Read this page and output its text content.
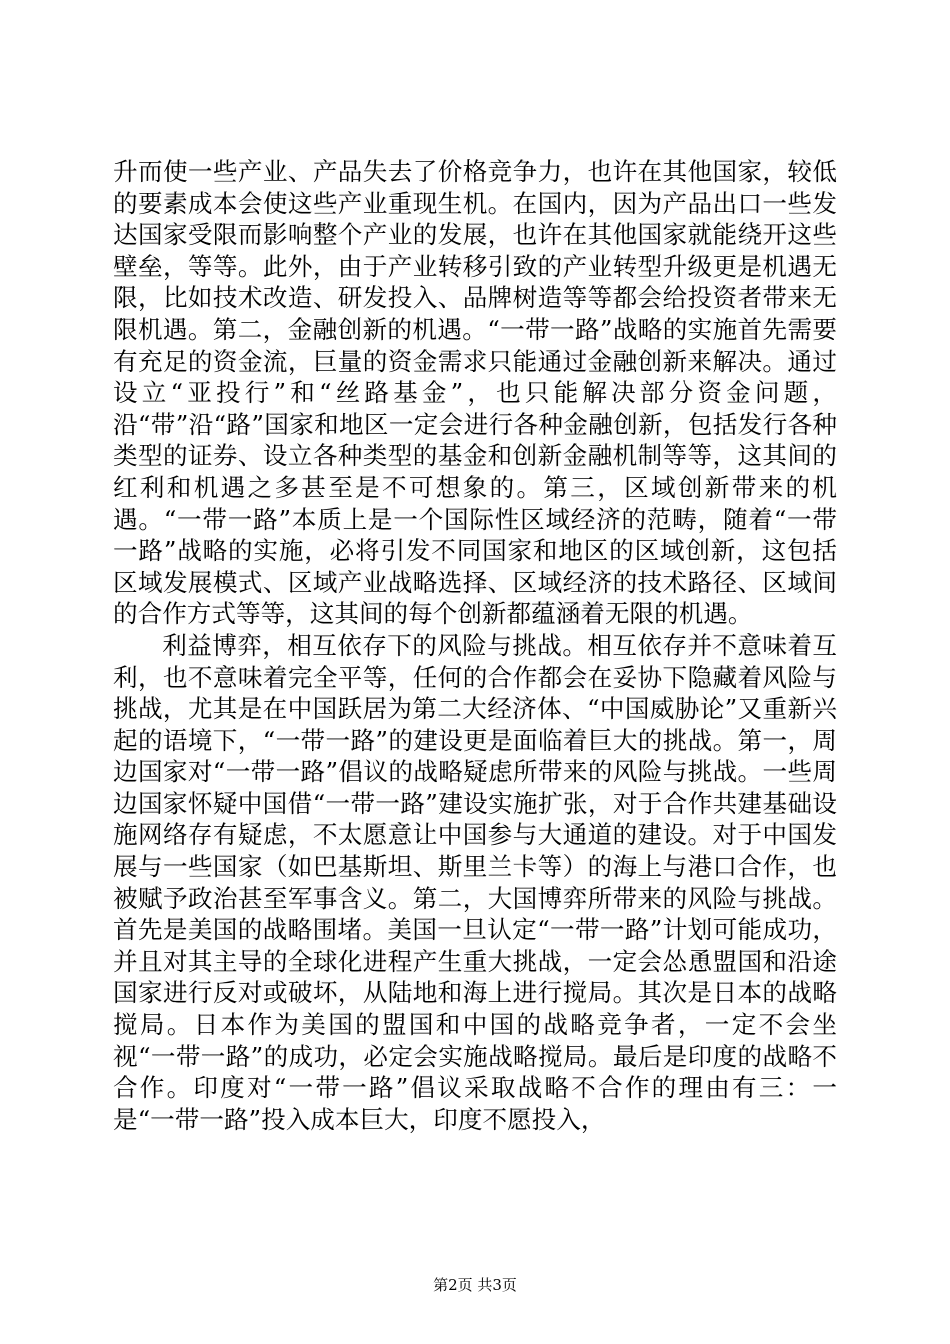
升而使一些产业、产品失去了价格竞争力，也许在其他国家，较低的要素成本会使这些产业重现生机。在国内，因为产品出口一些发达国家受限而影响整个产业的发展，也许在其他国家就能绕开这些壁垒，等等。此外，由于产业转移引致的产业转型升级更是机遇无限，比如技术改造、研发投入、品牌树造等等都会给投资者带来无限机遇。第二，金融创新的机遇。“一带一路”战略的实施首先需要有充足的资金流，巨量的资金需求只能通过金融创新来解决。通过设立“亚投行”和“丝路基金”，也只能解决部分资金问题，沿“带”沿“路”国家和地区一定会进行各种金融创新，包括发行各种类型的证券、设立各种类型的基金和创新金融机制等等，这其间的红利和机遇之多甚至是不可想象的。第三，区域创新带来的机遇。“一带一路”本质上是一个国际性区域经济的范畴，随着“一带一路”战略的实施，必将引发不同国家和地区的区域创新，这包括区域发展模式、区域产业战略选择、区域经济的技术路径、区域间的合作方式等等，这其间的每个创新都蕴涵着无限的机遇。

利益博弈，相互依存下的风险与挑战。相互依存并不意味着互利，也不意味着完全平等，任何的合作都会在妥协下隐藏着风险与挑战，尤其是在中国跃居为第二大经济体、“中国威胁论”又重新兴起的语境下，“一带一路”的建设更是面临着巨大的挑战。第一，周边国家对“一带一路”倡议的战略疑虑所带来的风险与挑战。一些周边国家怀疑中国借“一带一路”建设实施扩张，对于合作共建基础设施网络存有疑虑，不太愿意让中国参与大通道的建设。对于中国发展与一些国家（如巴基斯坦、斯里兰卡等）的海上与港口合作，也被赋予政治甚至军事含义。第二，大国博弈所带来的风险与挑战。首先是美国的战略围堵。美国一旦认定“一带一路”计划可能成功，并且对其主导的全球化进程产生重大挑战，一定会怂恿盟国和沿途国家进行反对或破坏，从陆地和海上进行搅局。其次是日本的战略搅局。日本作为美国的盟国和中国的战略竞争者，一定不会坐视“一带一路”的成功，必定会实施战略搅局。最后是印度的战略不合作。印度对“一带一路”倡议采取战略不合作的理由有三：一是“一带一路”投入成本巨大，印度不愿投入，

第2页 共3页
